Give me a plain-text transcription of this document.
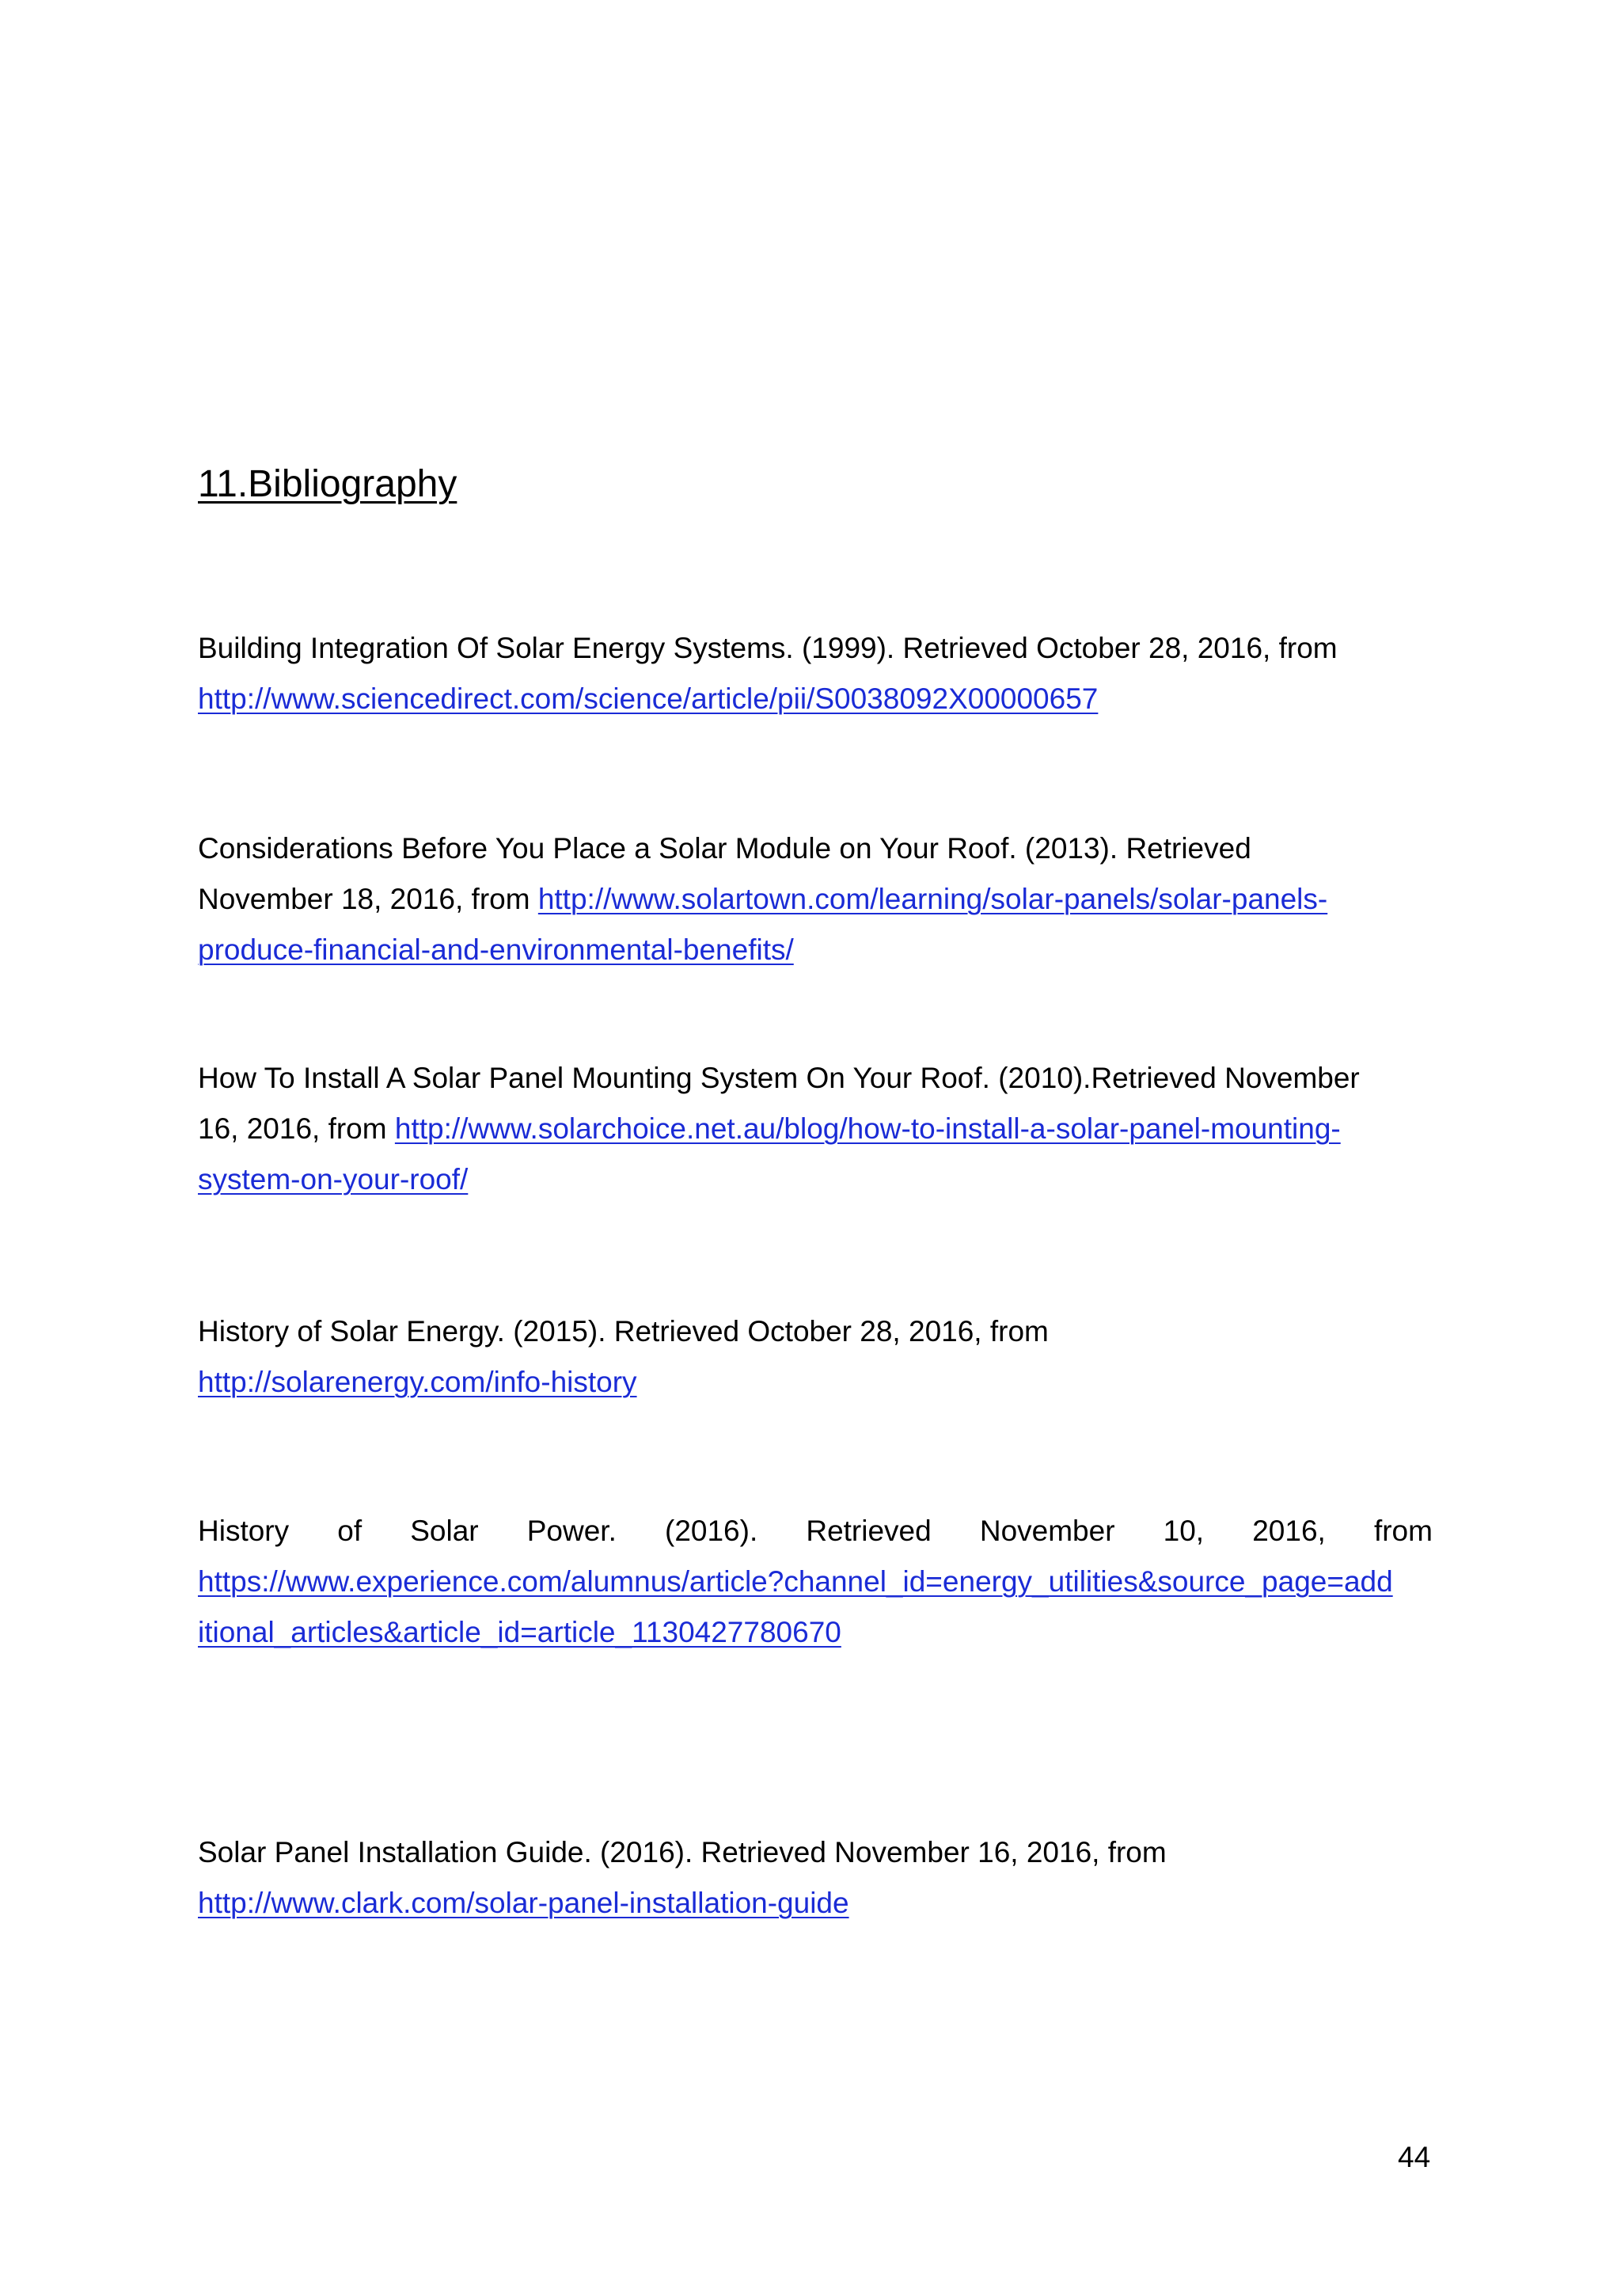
11.Bibliography
Building Integration Of Solar Energy Systems. (1999). Retrieved October 28, 2016, from
http://www.sciencedirect.com/science/article/pii/S0038092X00000657
Considerations Before You Place a Solar Module on Your Roof. (2013). Retrieved
November 18, 2016, from http://www.solartown.com/learning/solar-panels/solar-panels-
produce-financial-and-environmental-benefits/
How To Install A Solar Panel Mounting System On Your Roof. (2010).Retrieved November
16, 2016, from http://www.solarchoice.net.au/blog/how-to-install-a-solar-panel-mounting-
system-on-your-roof/
History of Solar Energy. (2015). Retrieved October 28, 2016, from
http://solarenergy.com/info-history
History of Solar Power. (2016). Retrieved November 10, 2016, from
https://www.experience.com/alumnus/article?channel_id=energy_utilities&source_page=add
itional_articles&article_id=article_1130427780670
Solar Panel Installation Guide. (2016). Retrieved November 16, 2016, from
http://www.clark.com/solar-panel-installation-guide
44
